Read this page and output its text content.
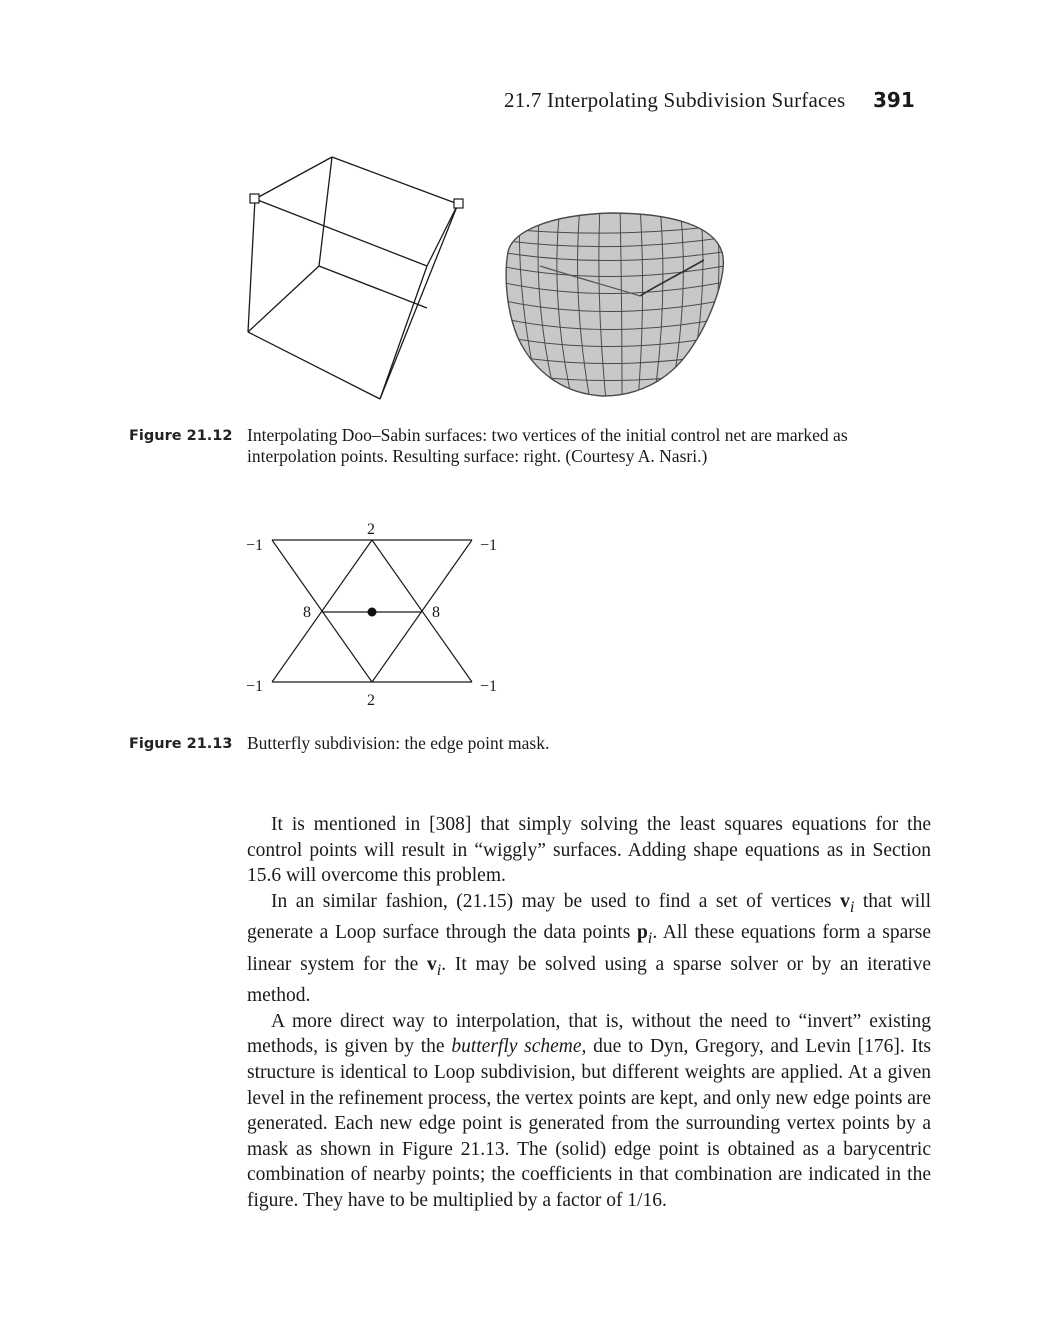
21.7 Interpolating Subdivision Surfaces 391
Figure 21.12 Interpolating Doo–Sabin surfaces: two vertices of the initial control net are marked as interpolation points. Resulting surface: right. (Courtesy A. Nasri.)
−1
2
−1
8	8
−1
2
−1
Figure 21.13 Butterfly subdivision: the edge point mask.

It is mentioned in [308] that simply solving the least squares equations for the control points will result in “wiggly” surfaces. Adding shape equations as in Section 15.6 will overcome this problem.

In an similar fashion, (21.15) may be used to find a set of vertices $v_i$ that will generate a Loop surface through the data points $p_i$. All these equations form a sparse linear system for the $v_i$. It may be solved using a sparse solver or by an iterative method.

A more direct way to interpolation, that is, without the need to “invert” existing methods, is given by the butterfly scheme, due to Dyn, Gregory, and Levin [176]. Its structure is identical to Loop subdivision, but different weights are applied. At a given level in the refinement process, the vertex points are kept, and only new edge points are generated. Each new edge point is generated from the surrounding vertex points by a mask as shown in Figure 21.13. The (solid) edge point is obtained as a barycentric combination of nearby points; the coefficients in that combination are indicated in the figure. They have to be multiplied by a factor of 1/16.
